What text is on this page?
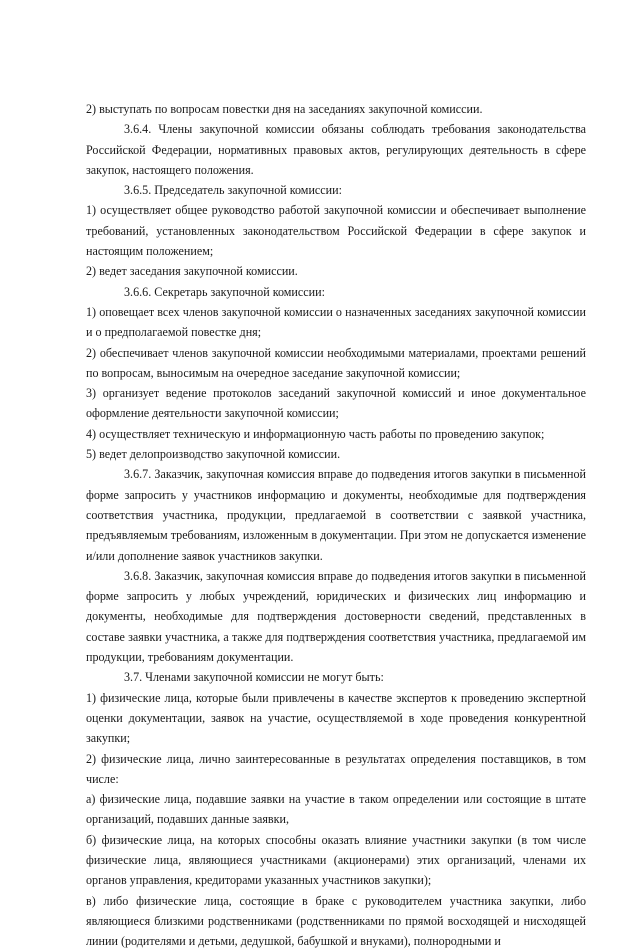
2) выступать по вопросам повестки дня на заседаниях закупочной комиссии.

3.6.4. Члены закупочной комиссии обязаны соблюдать требования законодательства Российской Федерации, нормативных правовых актов, регулирующих деятельность в сфере закупок, настоящего положения.

3.6.5. Председатель закупочной комиссии:

1) осуществляет общее руководство работой закупочной комиссии и обеспечивает выполнение требований, установленных законодательством Российской Федерации в сфере закупок и настоящим положением;

2) ведет заседания закупочной комиссии.

3.6.6. Секретарь закупочной комиссии:

1) оповещает всех членов закупочной комиссии о назначенных заседаниях закупочной комиссии и о предполагаемой повестке дня;

2) обеспечивает членов закупочной комиссии необходимыми материалами, проектами решений по вопросам, выносимым на очередное заседание закупочной комиссии;

3) организует ведение протоколов заседаний закупочной комиссий и иное документальное оформление деятельности закупочной комиссии;

4) осуществляет техническую и информационную часть работы по проведению закупок;

5) ведет делопроизводство закупочной комиссии.

3.6.7. Заказчик, закупочная комиссия вправе до подведения итогов закупки в письменной форме запросить у участников информацию и документы, необходимые для подтверждения соответствия участника, продукции, предлагаемой в соответствии с заявкой участника, предъявляемым требованиям, изложенным в документации. При этом не допускается изменение и/или дополнение заявок участников закупки.

3.6.8. Заказчик, закупочная комиссия вправе до подведения итогов закупки в письменной форме запросить у любых учреждений, юридических и физических лиц информацию и документы, необходимые для подтверждения достоверности сведений, представленных в составе заявки участника, а также для подтверждения соответствия участника, предлагаемой им продукции, требованиям документации.

3.7. Членами закупочной комиссии не могут быть:

1) физические лица, которые были привлечены в качестве экспертов к проведению экспертной оценки документации, заявок на участие, осуществляемой в ходе проведения конкурентной закупки;

2) физические лица, лично заинтересованные в результатах определения поставщиков, в том числе:

а) физические лица, подавшие заявки на участие в таком определении или состоящие в штате организаций, подавших данные заявки,

б) физические лица, на которых способны оказать влияние участники закупки (в том числе физические лица, являющиеся участниками (акционерами) этих организаций, членами их органов управления, кредиторами указанных участников закупки);

в) либо физические лица, состоящие в браке с руководителем участника закупки, либо являющиеся близкими родственниками (родственниками по прямой восходящей и нисходящей линии (родителями и детьми, дедушкой, бабушкой и внуками), полнородными и
